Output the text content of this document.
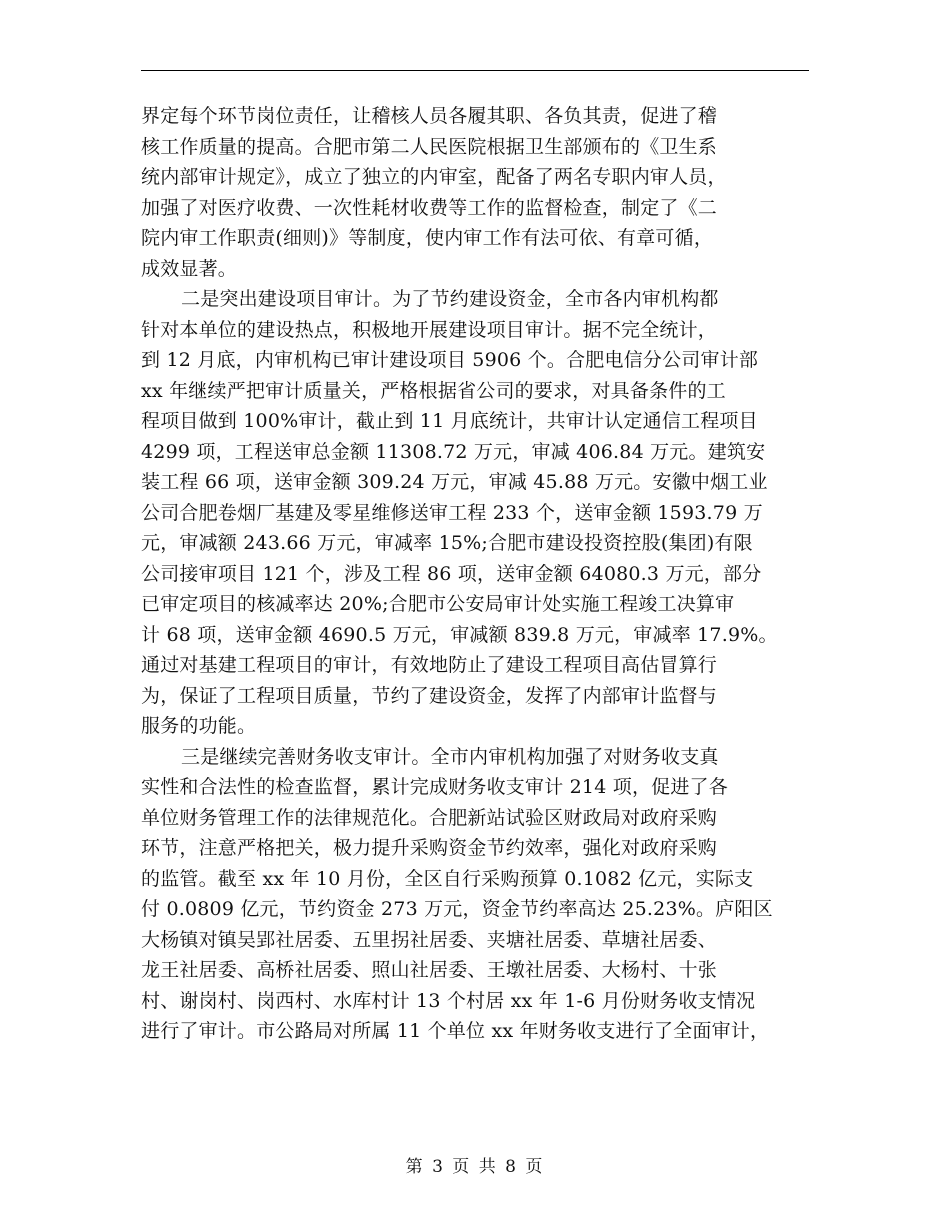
界定每个环节岗位责任，让稽核人员各履其职、各负其责，促进了稽
核工作质量的提高。合肥市第二人民医院根据卫生部颁布的《卫生系
统内部审计规定》，成立了独立的内审室，配备了两名专职内审人员，
加强了对医疗收费、一次性耗材收费等工作的监督检查，制定了《二
院内审工作职责(细则)》等制度，使内审工作有法可依、有章可循，
成效显著。
二是突出建设项目审计。为了节约建设资金，全市各内审机构都
针对本单位的建设热点，积极地开展建设项目审计。据不完全统计，
到 12 月底，内审机构已审计建设项目 5906 个。合肥电信分公司审计部
xx 年继续严把审计质量关，严格根据省公司的要求，对具备条件的工
程项目做到 100%审计，截止到 11 月底统计，共审计认定通信工程项目
4299 项，工程送审总金额 11308.72 万元，审减 406.84 万元。建筑安
装工程 66 项，送审金额 309.24 万元，审减 45.88 万元。安徽中烟工业
公司合肥卷烟厂基建及零星维修送审工程 233 个，送审金额 1593.79 万
元，审减额 243.66 万元，审减率 15%;合肥市建设投资控股(集团)有限
公司接审项目 121 个，涉及工程 86 项，送审金额 64080.3 万元，部分
已审定项目的核减率达 20%;合肥市公安局审计处实施工程竣工决算审
计 68 项，送审金额 4690.5 万元，审减额 839.8 万元，审减率 17.9%。
通过对基建工程项目的审计，有效地防止了建设工程项目高估冒算行
为，保证了工程项目质量，节约了建设资金，发挥了内部审计监督与
服务的功能。
三是继续完善财务收支审计。全市内审机构加强了对财务收支真
实性和合法性的检查监督，累计完成财务收支审计 214 项，促进了各
单位财务管理工作的法律规范化。合肥新站试验区财政局对政府采购
环节，注意严格把关，极力提升采购资金节约效率，强化对政府采购
的监管。截至 xx 年 10 月份，全区自行采购预算 0.1082 亿元，实际支
付 0.0809 亿元，节约资金 273 万元，资金节约率高达 25.23%。庐阳区
大杨镇对镇吴郢社居委、五里拐社居委、夹塘社居委、草塘社居委、
龙王社居委、高桥社居委、照山社居委、王墩社居委、大杨村、十张
村、谢岗村、岗西村、水库村计 13 个村居 xx 年 1-6 月份财务收支情况
进行了审计。市公路局对所属 11 个单位 xx 年财务收支进行了全面审计，
第 3 页 共 8 页
